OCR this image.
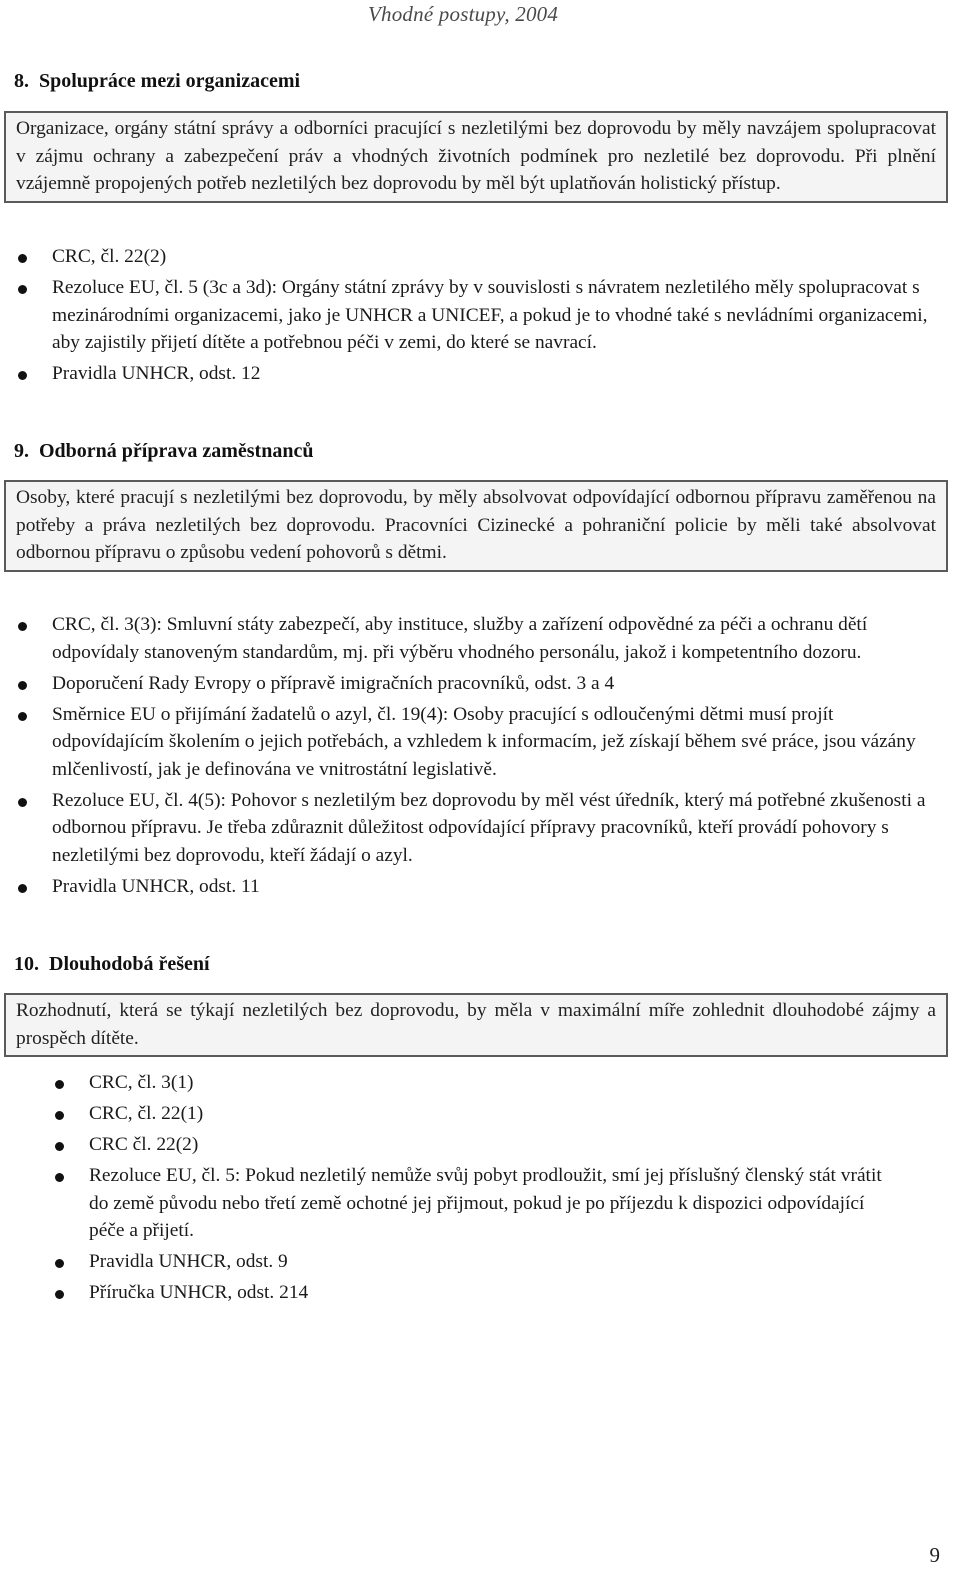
Vhodné postupy, 2004
8. Spolupráce mezi organizacemi

Organizace, orgány státní správy a odborníci pracující s nezletilými bez doprovodu by měly navzájem spolupracovat v zájmu ochrany a zabezpečení práv a vhodných životních podmínek pro nezletilé bez doprovodu. Při plnění vzájemně propojených potřeb nezletilých bez doprovodu by měl být uplatňován holistický přístup.

CRC, čl. 22(2)
Rezoluce EU, čl. 5 (3c a 3d): Orgány státní zprávy by v souvislosti s návratem nezletilého měly spolupracovat s mezinárodními organizacemi, jako je UNHCR a UNICEF, a pokud je to vhodné také s nevládními organizacemi, aby zajistily přijetí dítěte a potřebnou péči v zemi, do které se navrací.
Pravidla UNHCR, odst. 12
9. Odborná příprava zaměstnanců

Osoby, které pracují s nezletilými bez doprovodu, by měly absolvovat odpovídající odbornou přípravu zaměřenou na potřeby a práva nezletilých bez doprovodu. Pracovníci Cizinecké a pohraniční policie by měli také absolvovat odbornou přípravu o způsobu vedení pohovorů s dětmi.

CRC, čl. 3(3): Smluvní státy zabezpečí, aby instituce, služby a zařízení odpovědné za péči a ochranu dětí odpovídaly stanoveným standardům, mj. při výběru vhodného personálu, jakož i kompetentního dozoru.
Doporučení Rady Evropy o přípravě imigračních pracovníků, odst. 3 a 4
Směrnice EU o přijímání žadatelů o azyl, čl. 19(4): Osoby pracující s odloučenými dětmi musí projít odpovídajícím školením o jejich potřebách, a vzhledem k informacím, jež získají během své práce, jsou vázány mlčenlivostí, jak je definována ve vnitrostátní legislativě.
Rezoluce EU, čl. 4(5): Pohovor s nezletilým bez doprovodu by měl vést úředník, který má potřebné zkušenosti a odbornou přípravu. Je třeba zdůraznit důležitost odpovídající přípravy pracovníků, kteří provádí pohovory s nezletilými bez doprovodu, kteří žádají o azyl.
Pravidla UNHCR, odst. 11
10. Dlouhodobá řešení

Rozhodnutí, která se týkají nezletilých bez doprovodu, by měla v maximální míře zohlednit dlouhodobé zájmy a prospěch dítěte.

CRC, čl. 3(1)
CRC, čl. 22(1)
CRC čl. 22(2)
Rezoluce EU, čl. 5: Pokud nezletilý nemůže svůj pobyt prodloužit, smí jej příslušný členský stát vrátit do země původu nebo třetí země ochotné jej přijmout, pokud je po příjezdu k dispozici odpovídající péče a přijetí.
Pravidla UNHCR, odst. 9
Příručka UNHCR, odst. 214
9
